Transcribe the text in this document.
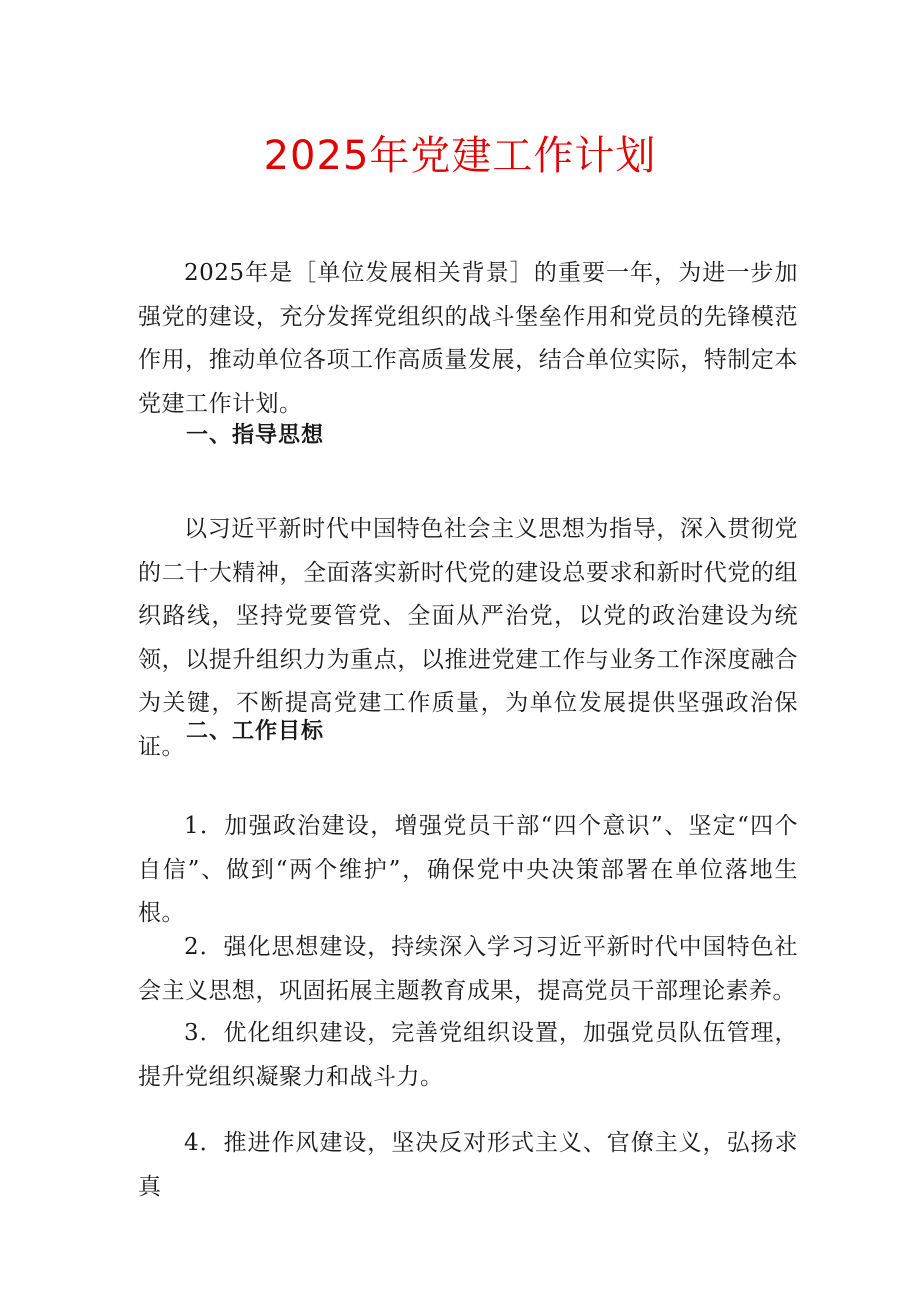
2025年党建工作计划

2025年是［单位发展相关背景］的重要一年，为进一步加强党的建设，充分发挥党组织的战斗堡垒作用和党员的先锋模范作用，推动单位各项工作高质量发展，结合单位实际，特制定本党建工作计划。

一、指导思想

以习近平新时代中国特色社会主义思想为指导，深入贯彻党的二十大精神，全面落实新时代党的建设总要求和新时代党的组织路线，坚持党要管党、全面从严治党，以党的政治建设为统领，以提升组织力为重点，以推进党建工作与业务工作深度融合为关键，不断提高党建工作质量，为单位发展提供坚强政治保证。

二、工作目标

1．加强政治建设，增强党员干部“四个意识”、坚定“四个自信”、做到“两个维护”，确保党中央决策部署在单位落地生根。

2．强化思想建设，持续深入学习习近平新时代中国特色社会主义思想，巩固拓展主题教育成果，提高党员干部理论素养。

3．优化组织建设，完善党组织设置，加强党员队伍管理，提升党组织凝聚力和战斗力。

4．推进作风建设，坚决反对形式主义、官僚主义，弘扬求真
